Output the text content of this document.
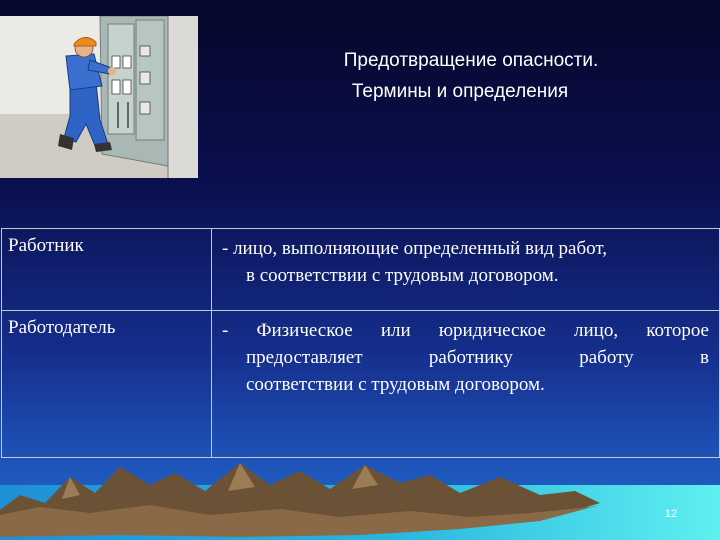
Предотвращение опасности.
Термины и определения
Работник	- лицо, выполняющие определенный вид работ,
в соответствии с трудовым договором.

Работодатель	- Физическое или юридическое лицо, которое
предоставляет работнику работу в
соответствии с трудовым договором.
12
